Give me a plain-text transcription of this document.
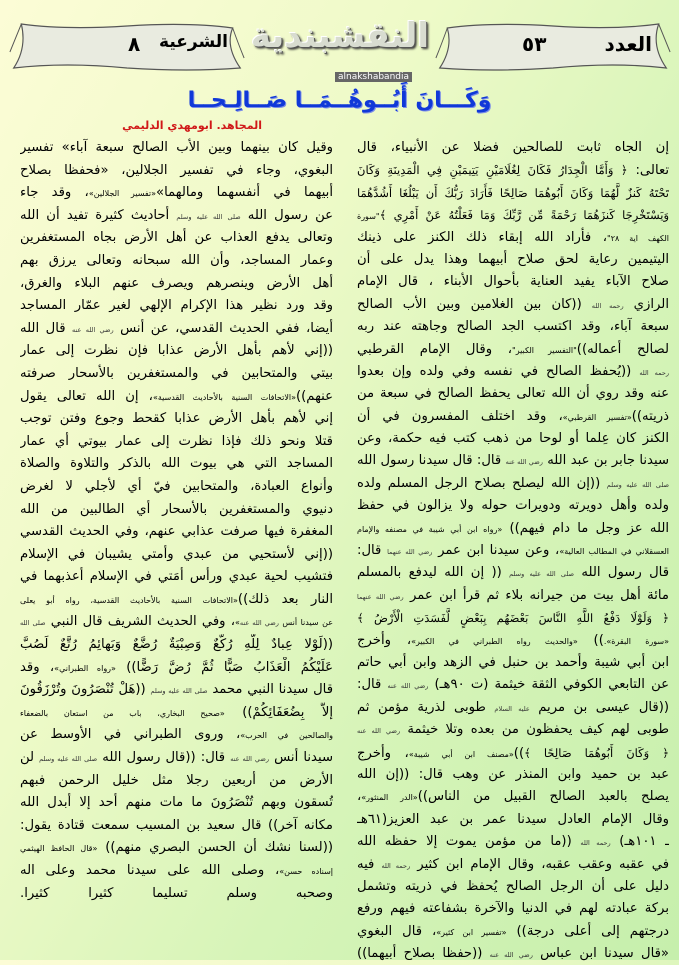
العدد
٥٣
الشرعية
٨	النقشبندية
alnakshabandia
وَكَـــانَ أَبُــوهُــمَــا صَــالِـحــا
المجاهد. ابومهدي الدليمي
إن الجاه ثابت للصالحين فضلا عن الأنبياء، قال
تعالى: ﴿ وَأَمَّا الْجِدَارُ فَكَانَ لِغُلَامَيْنِ يَتِيمَيْنِ فِي الْمَدِينَةِ وَكَانَ
تَحْتَهُ كَنزٌ لَّهُمَا وَكَانَ أَبُوهُمَا صَالِحًا فَأَرَادَ رَبُّكَ أَن يَبْلُغَا أَشُدَّهُمَا
وَيَسْتَخْرِجَا كَنزَهُمَا رَحْمَةً مِّن رَّبِّكَ وَمَا فَعَلْتُهُ عَنْ أَمْرِي ﴾"سورة
الكهف اية ٢٨"، فأراد الله إبقاء ذلك الكنز على ذينك
اليتيمين رعاية لحق صلاح أبيهما وهذا يدل على أن
صلاح الآباء يفيد العناية بأحوال الأبناء ، قال الإمام
الرازي رحمه الله ((كان بين الغلامين وبين الأب الصالح
سبعة آباء، وقد اكتسب الجد الصالح وجاهته عند ربه
لصالح أعماله))"التفسير الكبير"، وقال الإمام القرطبي
رحمه الله ((يُحفظ الصالح في نفسه وفي ولده وإن بعدوا
عنه وقد روي أن الله تعالى يحفظ الصالح في سبعة من
ذريته))«تفسير القرطبي»، وقد اختلف المفسرون في أن
الكنز كان عِلما أو لوحا من ذهب كتب فيه حكمة، وعن
سيدنا جابر بن عبد الله رضي الله عنه قال: قال سيدنا رسول الله
صلى الله عليه وسلم ((إن الله ليصلح بصلاح الرجل المسلم ولده
ولده وأهل دويرته ودويرات حوله ولا يزالون في حفظ
الله عز وجل ما دام فيهم)) «رواه ابن أبي شيبة في مصنفه والإمام
العسقلاني في المطالب العالية»، وعن سيدنا ابن عمر رضي الله عنهما قال:
قال رسول الله صلى الله عليه وسلم (( إن الله ليدفع بالمسلم
مائة أهل بيت من جيرانه بلاء ثم قرأ ابن عمر رضي الله عنهما
﴿ وَلَوْلَا دَفْعُ اللَّهِ النَّاسَ بَعْضَهُم بِبَعْضٍ لَّفَسَدَتِ الْأَرْضُ ﴾
«سورة البقرة».)) «والحديث رواه الطبراني في الكبير»، وأخرج
ابن أبي شيبة وأحمد بن حنبل في الزهد وابن أبي حاتم
عن التابعي الكوفي الثقة خيثمة (ت ٩٠هـ) رضي الله عنه قال:
((قال عيسى بن مريم عليه السلام طوبى لذرية مؤمن ثم
طوبى لهم كيف يحفظون من بعده وتلا خيثمة رضي الله عنه
﴿ وَكَانَ أَبُوهُمَا صَالِحًا ﴾))«مصنف ابن أبي شيبة»، وأخرج
عبد بن حميد وابن المنذر عن وهب قال: ((إن الله
يصلح بالعبد الصالح القبيل من الناس))«الدر المنثور»،
وقال الإمام العادل سيدنا عمر بن عبد العزيز(٦١هـ
ـ ١٠١هـ) رحمه الله ((ما من مؤمن يموت إلا حفظه الله
في عقبه وعقب عقبه، وقال الإمام ابن كثير رحمه الله فيه
دليل على أن الرجل الصالح يُحفظ في ذريته وتشمل
بركة عبادته لهم في الدنيا والآخرة بشفاعته فيهم ورفع
درجتهم إلى أعلى درجة)) «تفسير ابن كثير»، قال البغوي
«قال سيدنا ابن عباس رضي الله عنه ((حفظا بصلاح أبيهما))
وقيل كان بينهما وبين الأب الصالح سبعة آباء» تفسير
البغوي، وجاء في تفسير الجلالين، «فحفظا بصلاح
أبيهما في أنفسهما ومالهما»«تفسير الجلالين»، وقد جاء
عن رسول الله صلى الله عليه وسلم أحاديث كثيرة تفيد أن الله
وتعالى يدفع العذاب عن أهل الأرض بجاه المستغفرين
وعمار المساجد، وأن الله سبحانه وتعالى يرزق بهم
أهل الأرض وينصرهم ويصرف عنهم البلاء والغرق،
وقد ورد نظير هذا الإكرام الإلهي لغير عمّار المساجد
أيضا، ففي الحديث القدسي، عن أنس رضي الله عنه قال الله
((إني لأهم بأهل الأرض عذابا فإن نظرت إلى عمار
بيتي والمتحابين في والمستغفرين بالأسحار صرفته
عنهم))«الاتحافات السنية بالأحاديث القدسية»، إن الله تعالى يقول
إني لأهم بأهل الأرض عذابا كقحط وجوع وفتن توجب
قتلا ونحو ذلك فإذا نظرت إلى عمار بيوتي أي عمار
المساجد التي هي بيوت الله بالذكر والتلاوة والصلاة
وأنواع العبادة، والمتحابين فيّ أي لأجلي لا لغرض
دنيوي والمستغفرين بالأسحار أي الطالبين من الله
المغفرة فيها صرفت عذابي عنهم، وفي الحديث القدسي
((إني لأستحيي من عبدي وأمتي يشيبان في الإسلام
فتشيب لحية عبدي ورأس أمَتي في الإسلام أعذبهما في
النار بعد ذلك))«الاتحافات السنية بالأحاديث القدسية، رواه أبو يعلى
عن سيدنا أنس رضي الله عنه»، وفي الحديث الشريف قال النبي صلى الله
((لَوْلا عِبادٌ لِلَّهِ رُكَّعٌ وَصِبْيَةٌ رُضَّعٌ وَبَهائِمُ رُتَّعٌ لَصُبَّ
عَلَيْكُمُ الْعَذَابُ صَبًّا ثُمَّ رُضَّ رَضًّا)) «رواه الطبراني»، وقد
قال سيدنا النبي محمد صلى الله عليه وسلم ((هَلْ تُنْصَرُونَ وتُرْزَقُونَ
إلاَّ بِضُعَفَائِكُمْ)) «صحيح البخاري، باب من استعان بالضعفاء
والصالحين في الحرب»، وروى الطبراني في الأوسط عن
سيدنا أنس رضي الله عنه قال: ((قال رسول الله صلى الله عليه وسلم لن
الأرض من أربعين رجلا مثل خليل الرحمن فبهم
تُسقون وبهم تُنْصَرُونَ ما مات منهم أحد إلا أبدل الله
مكانه آخر)) قال سعيد بن المسيب سمعت قتادة يقول:
((لسنا نشك أن الحسن البصري منهم)) «قال الحافظ الهيثمي
إسناده حسن»، وصلى الله على سيدنا محمد وعلى اله
وصحبه وسلم تسليما كثيرا كثيرا.
